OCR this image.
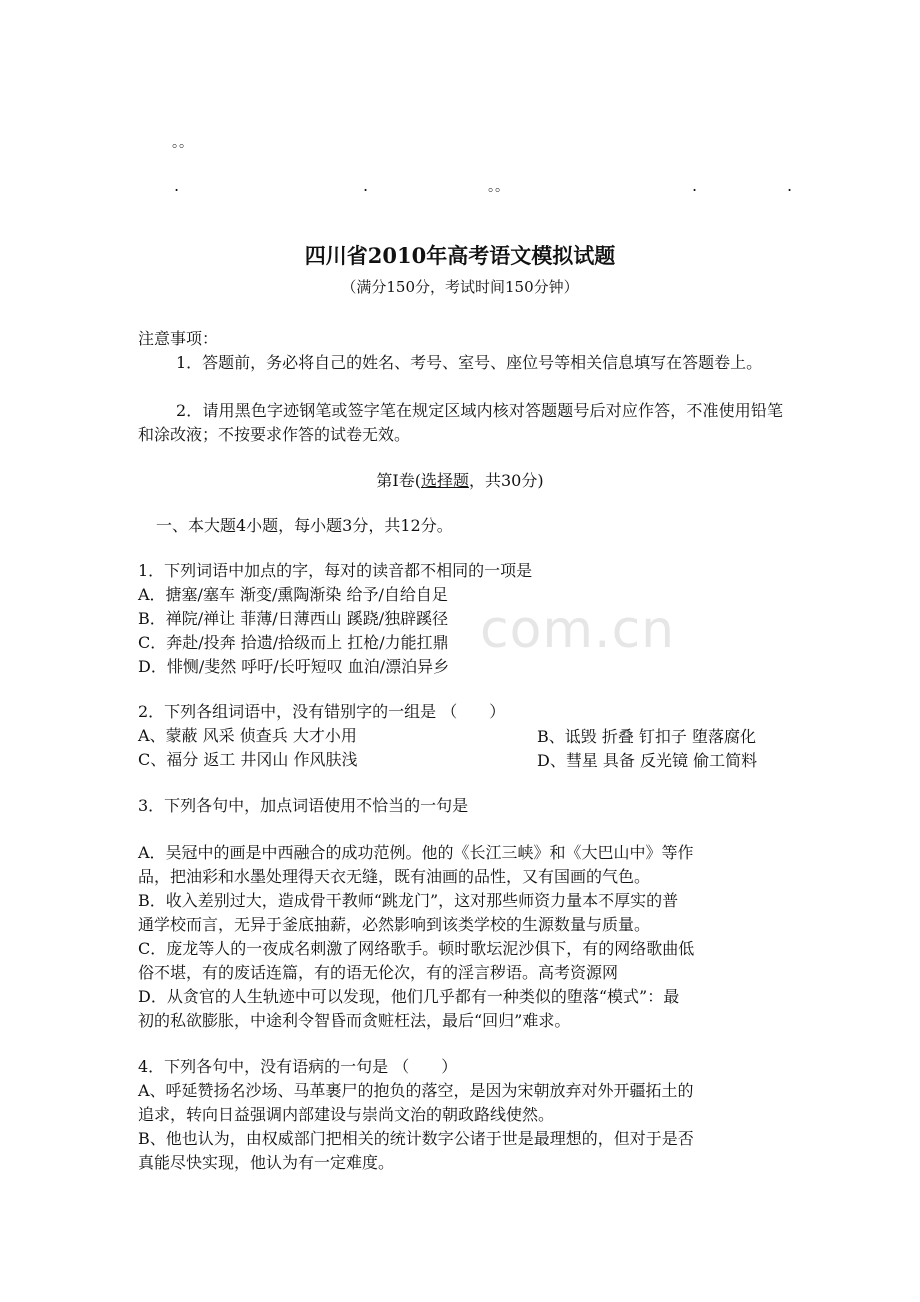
com.cn
。。
.	.	。。	.	.
四川省2010年高考语文模拟试题
（满分150分，考试时间150分钟）
注意事项：
1．答题前，务必将自己的姓名、考号、室号、座位号等相关信息填写在答题卷上。
2．请用黑色字迹钢笔或签字笔在规定区域内核对答题题号后对应作答，不准使用铅笔和涂改液；不按要求作答的试卷无效。
第Ⅰ卷(选择题，共30分)
一、本大题4小题，每小题3分，共12分。
1．下列词语中加点的字，每对的读音都不相同的一项是
A．搪塞/塞车 渐变/熏陶渐染 给予/自给自足
B．禅院/禅让 菲薄/日薄西山 蹊跷/独辟蹊径
C．奔赴/投奔 拾遗/拾级而上 扛枪/力能扛鼎
D．悱恻/斐然 呼吁/长吁短叹 血泊/漂泊异乡
2．下列各组词语中，没有错别字的一组是 （　　）
A、蒙蔽 风采 侦查兵 大才小用	B、诋毁 折叠 钉扣子 堕落腐化
C、福分 返工 井冈山 作风肤浅	D、彗星 具备 反光镜 偷工简料
3．下列各句中，加点词语使用不恰当的一句是
A．吴冠中的画是中西融合的成功范例。他的《长江三峡》和《大巴山中》等作
品，把油彩和水墨处理得天衣无缝，既有油画的品性，又有国画的气色。
B．收入差别过大，造成骨干教师“跳龙门”，这对那些师资力量本不厚实的普
通学校而言，无异于釜底抽薪，必然影响到该类学校的生源数量与质量。
C．庞龙等人的一夜成名刺激了网络歌手。顿时歌坛泥沙俱下，有的网络歌曲低
俗不堪，有的废话连篇，有的语无伦次，有的淫言秽语。高考资源网
D．从贪官的人生轨迹中可以发现，他们几乎都有一种类似的堕落“模式”：最
初的私欲膨胀，中途利令智昏而贪赃枉法，最后“回归”难求。
4．下列各句中，没有语病的一句是 （　　）
A、呼延赞扬名沙场、马革裹尸的抱负的落空，是因为宋朝放弃对外开疆拓土的
追求，转向日益强调内部建设与崇尚文治的朝政路线使然。
B、他也认为，由权威部门把相关的统计数字公诸于世是最理想的，但对于是否
真能尽快实现，他认为有一定难度。
